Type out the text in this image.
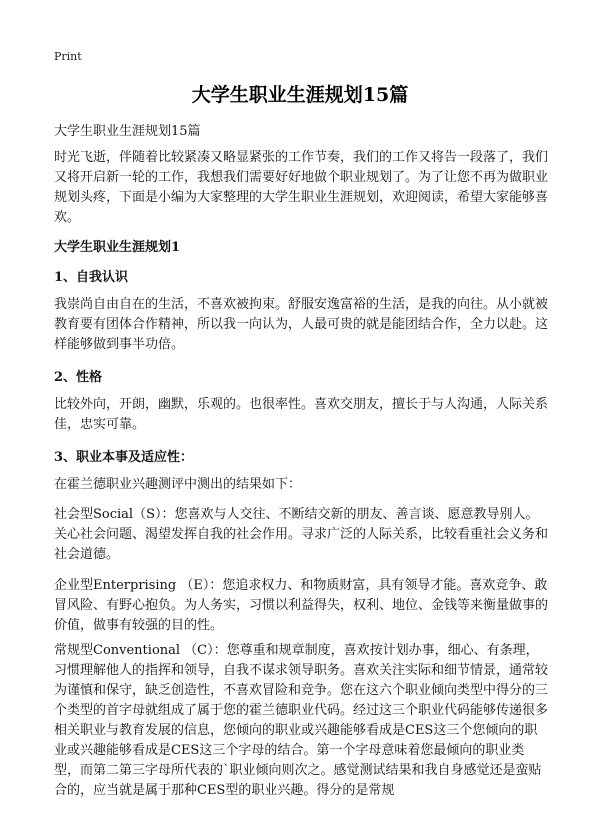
Print
大学生职业生涯规划15篇
大学生职业生涯规划15篇
时光飞逝，伴随着比较紧凑又略显紧张的工作节奏，我们的工作又将告一段落了，我们又将开启新一轮的工作，我想我们需要好好地做个职业规划了。为了让您不再为做职业规划头疼，下面是小编为大家整理的大学生职业生涯规划，欢迎阅读，希望大家能够喜欢。
大学生职业生涯规划1
1、自我认识
我崇尚自由自在的生活，不喜欢被拘束。舒服安逸富裕的生活，是我的向往。从小就被教育要有团体合作精神，所以我一向认为，人最可贵的就是能团结合作，全力以赴。这样能够做到事半功倍。
2、性格
比较外向，开朗，幽默，乐观的。也很率性。喜欢交朋友，擅长于与人沟通，人际关系佳，忠实可靠。
3、职业本事及适应性：
在霍兰德职业兴趣测评中测出的结果如下：
社会型Social（S）：您喜欢与人交往、不断结交新的朋友、善言谈、愿意教导别人。关心社会问题、渴望发挥自我的社会作用。寻求广泛的人际关系，比较看重社会义务和社会道德。
企业型Enterprising （E）：您追求权力、和物质财富，具有领导才能。喜欢竞争、敢冒风险、有野心抱负。为人务实，习惯以利益得失，权利、地位、金钱等来衡量做事的价值，做事有较强的目的性。
常规型Conventional （C）：您尊重和规章制度，喜欢按计划办事，细心、有条理，习惯理解他人的指挥和领导，自我不谋求领导职务。喜欢关注实际和细节情景，通常较为谨慎和保守，缺乏创造性，不喜欢冒险和竞争。您在这六个职业倾向类型中得分的三个类型的首字母就组成了属于您的霍兰德职业代码。经过这三个职业代码能够传递很多相关职业与教育发展的信息，您倾向的职业或兴趣能够看成是CES这三个您倾向的职业或兴趣能够看成是CES这三个字母的结合。第一个字母意味着您最倾向的职业类型，而第二第三字母所代表的`职业倾向则次之。感觉测试结果和我自身感觉还是蛮贴合的，应当就是属于那种CES型的职业兴趣。得分的是常规
